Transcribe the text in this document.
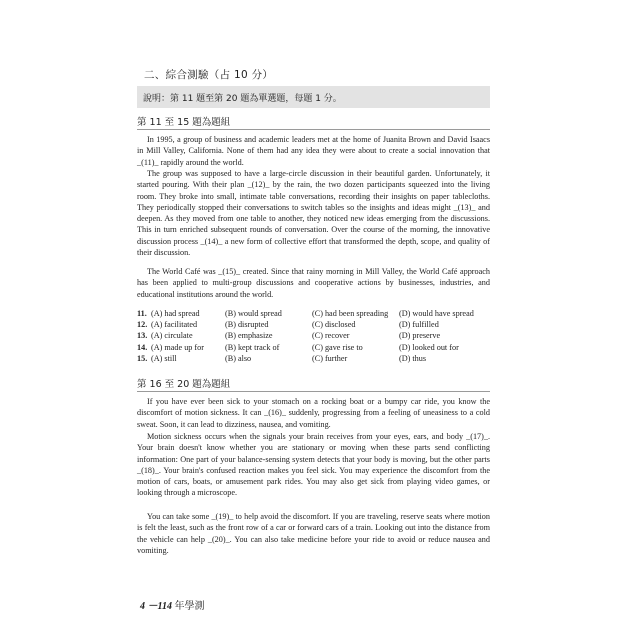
二、綜合測驗（占 10 分）
說明：第 11 題至第 20 題為單選題，每題 1 分。
第 11 至 15 題為題組

In 1995, a group of business and academic leaders met at the home of Juanita Brown and David Isaacs in Mill Valley, California. None of them had any idea they were about to create a social innovation that _(11)_ rapidly around the world.

The group was supposed to have a large-circle discussion in their beautiful garden. Unfortunately, it started pouring. With their plan _(12)_ by the rain, the two dozen participants squeezed into the living room. They broke into small, intimate table conversations, recording their insights on paper tablecloths. They periodically stopped their conversations to switch tables so the insights and ideas might _(13)_ and deepen. As they moved from one table to another, they noticed new ideas emerging from the discussions. This in turn enriched subsequent rounds of conversation. Over the course of the morning, the innovative discussion process _(14)_ a new form of collective effort that transformed the depth, scope, and quality of their discussion.

The World Café was _(15)_ created. Since that rainy morning in Mill Valley, the World Café approach has been applied to multi-group discussions and cooperative actions by businesses, industries, and educational institutions around the world.

11.	(A) had spread	(B) would spread	(C) had been spreading	(D) would have spread
12.	(A) facilitated	(B) disrupted	(C) disclosed	(D) fulfilled
13.	(A) circulate	(B) emphasize	(C) recover	(D) preserve
14.	(A) made up for	(B) kept track of	(C) gave rise to	(D) looked out for
15.	(A) still	(B) also	(C) further	(D) thus
第 16 至 20 題為題組

If you have ever been sick to your stomach on a rocking boat or a bumpy car ride, you know the discomfort of motion sickness. It can _(16)_ suddenly, progressing from a feeling of uneasiness to a cold sweat. Soon, it can lead to dizziness, nausea, and vomiting.

Motion sickness occurs when the signals your brain receives from your eyes, ears, and body _(17)_. Your brain doesn't know whether you are stationary or moving when these parts send conflicting information: One part of your balance-sensing system detects that your body is moving, but the other parts _(18)_. Your brain's confused reaction makes you feel sick. You may experience the discomfort from the motion of cars, boats, or amusement park rides. You may also get sick from playing video games, or looking through a microscope.

You can take some _(19)_ to help avoid the discomfort. If you are traveling, reserve seats where motion is felt the least, such as the front row of a car or forward cars of a train. Looking out into the distance from the vehicle can help _(20)_. You can also take medicine before your ride to avoid or reduce nausea and vomiting.

4 －114 年學測
